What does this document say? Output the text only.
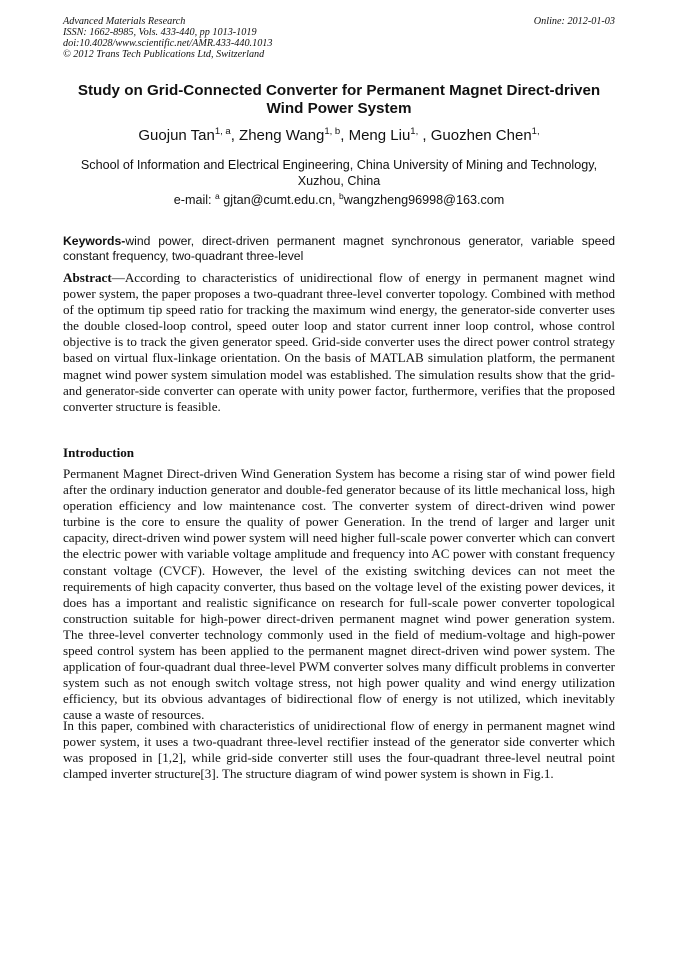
Advanced Materials Research
ISSN: 1662-8985, Vols. 433-440, pp 1013-1019
doi:10.4028/www.scientific.net/AMR.433-440.1013
© 2012 Trans Tech Publications Ltd, Switzerland
Online: 2012-01-03
Study on Grid-Connected Converter for Permanent Magnet Direct-driven Wind Power System
Guojun Tan$^{1, a}$, Zheng Wang$^{1, b}$, Meng Liu$^{1,}$ , Guozhen Chen$^{1,}$
School of Information and Electrical Engineering, China University of Mining and Technology, Xuzhou, China
e-mail: $^a$ gjtan@cumt.edu.cn, $^b$wangzheng96998@163.com

Keywords-wind power, direct-driven permanent magnet synchronous generator, variable speed constant frequency, two-quadrant three-level

Abstract—According to characteristics of unidirectional flow of energy in permanent magnet wind power system, the paper proposes a two-quadrant three-level converter topology. Combined with method of the optimum tip speed ratio for tracking the maximum wind energy, the generator-side converter uses the double closed-loop control, speed outer loop and stator current inner loop control, whose control objective is to track the given generator speed. Grid-side converter uses the direct power control strategy based on virtual flux-linkage orientation. On the basis of MATLAB simulation platform, the permanent magnet wind power system simulation model was established. The simulation results show that the grid- and generator-side converter can operate with unity power factor, furthermore, verifies that the proposed converter structure is feasible.

Introduction

Permanent Magnet Direct-driven Wind Generation System has become a rising star of wind power field after the ordinary induction generator and double-fed generator because of its little mechanical loss, high operation efficiency and low maintenance cost. The converter system of direct-driven wind power turbine is the core to ensure the quality of power Generation. In the trend of larger and larger unit capacity, direct-driven wind power system will need higher full-scale power converter which can convert the electric power with variable voltage amplitude and frequency into AC power with constant frequency constant voltage (CVCF). However, the level of the existing switching devices can not meet the requirements of high capacity converter, thus based on the voltage level of the existing power devices, it does has a important and realistic significance on research for full-scale power converter topological construction suitable for high-power direct-driven permanent magnet wind power generation system. The three-level converter technology commonly used in the field of medium-voltage and high-power speed control system has been applied to the permanent magnet direct-driven wind power system. The application of four-quadrant dual three-level PWM converter solves many difficult problems in converter system such as not enough switch voltage stress, not high power quality and wind energy utilization efficiency, but its obvious advantages of bidirectional flow of energy is not utilized, which inevitably cause a waste of resources.

In this paper, combined with characteristics of unidirectional flow of energy in permanent magnet wind power system, it uses a two-quadrant three-level rectifier instead of the generator side converter which was proposed in [1,2], while grid-side converter still uses the four-quadrant three-level neutral point clamped inverter structure[3]. The structure diagram of wind power system is shown in Fig.1.
